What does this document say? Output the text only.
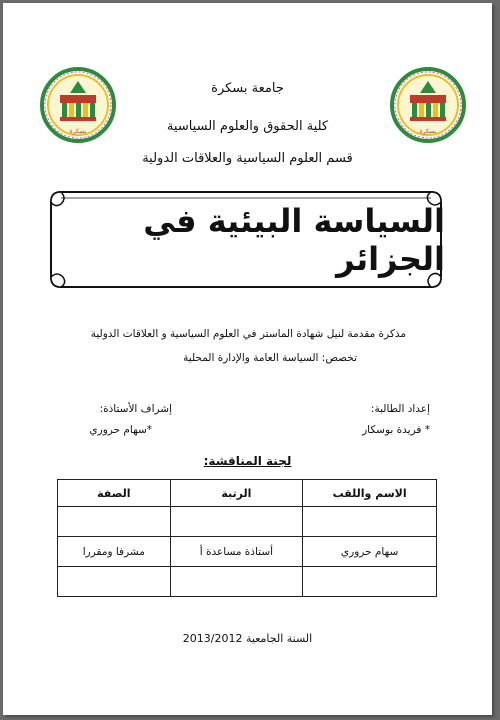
بسكرة	بسكرة
جامعة بسكرة
كلية الحقوق والعلوم السياسية
قسم العلوم السياسية والعلاقات الدولية
السياسة البيئية في الجزائر
مذكرة مقدمة لنيل شهادة الماستر في العلوم السياسية و العلاقات الدولية
تخصص: السياسة العامة والإدارة المحلية
إعداد الطالبة:
* فريدة بوسكار
إشراف الأستاذة:
*سهام حروري
لجنة المناقشة:
الاسم واللقب	الرتبة	الصفة

سهام حروري	أستاذة مساعدة أ	مشرفا ومقررا

السنة الجامعية 2013/2012
